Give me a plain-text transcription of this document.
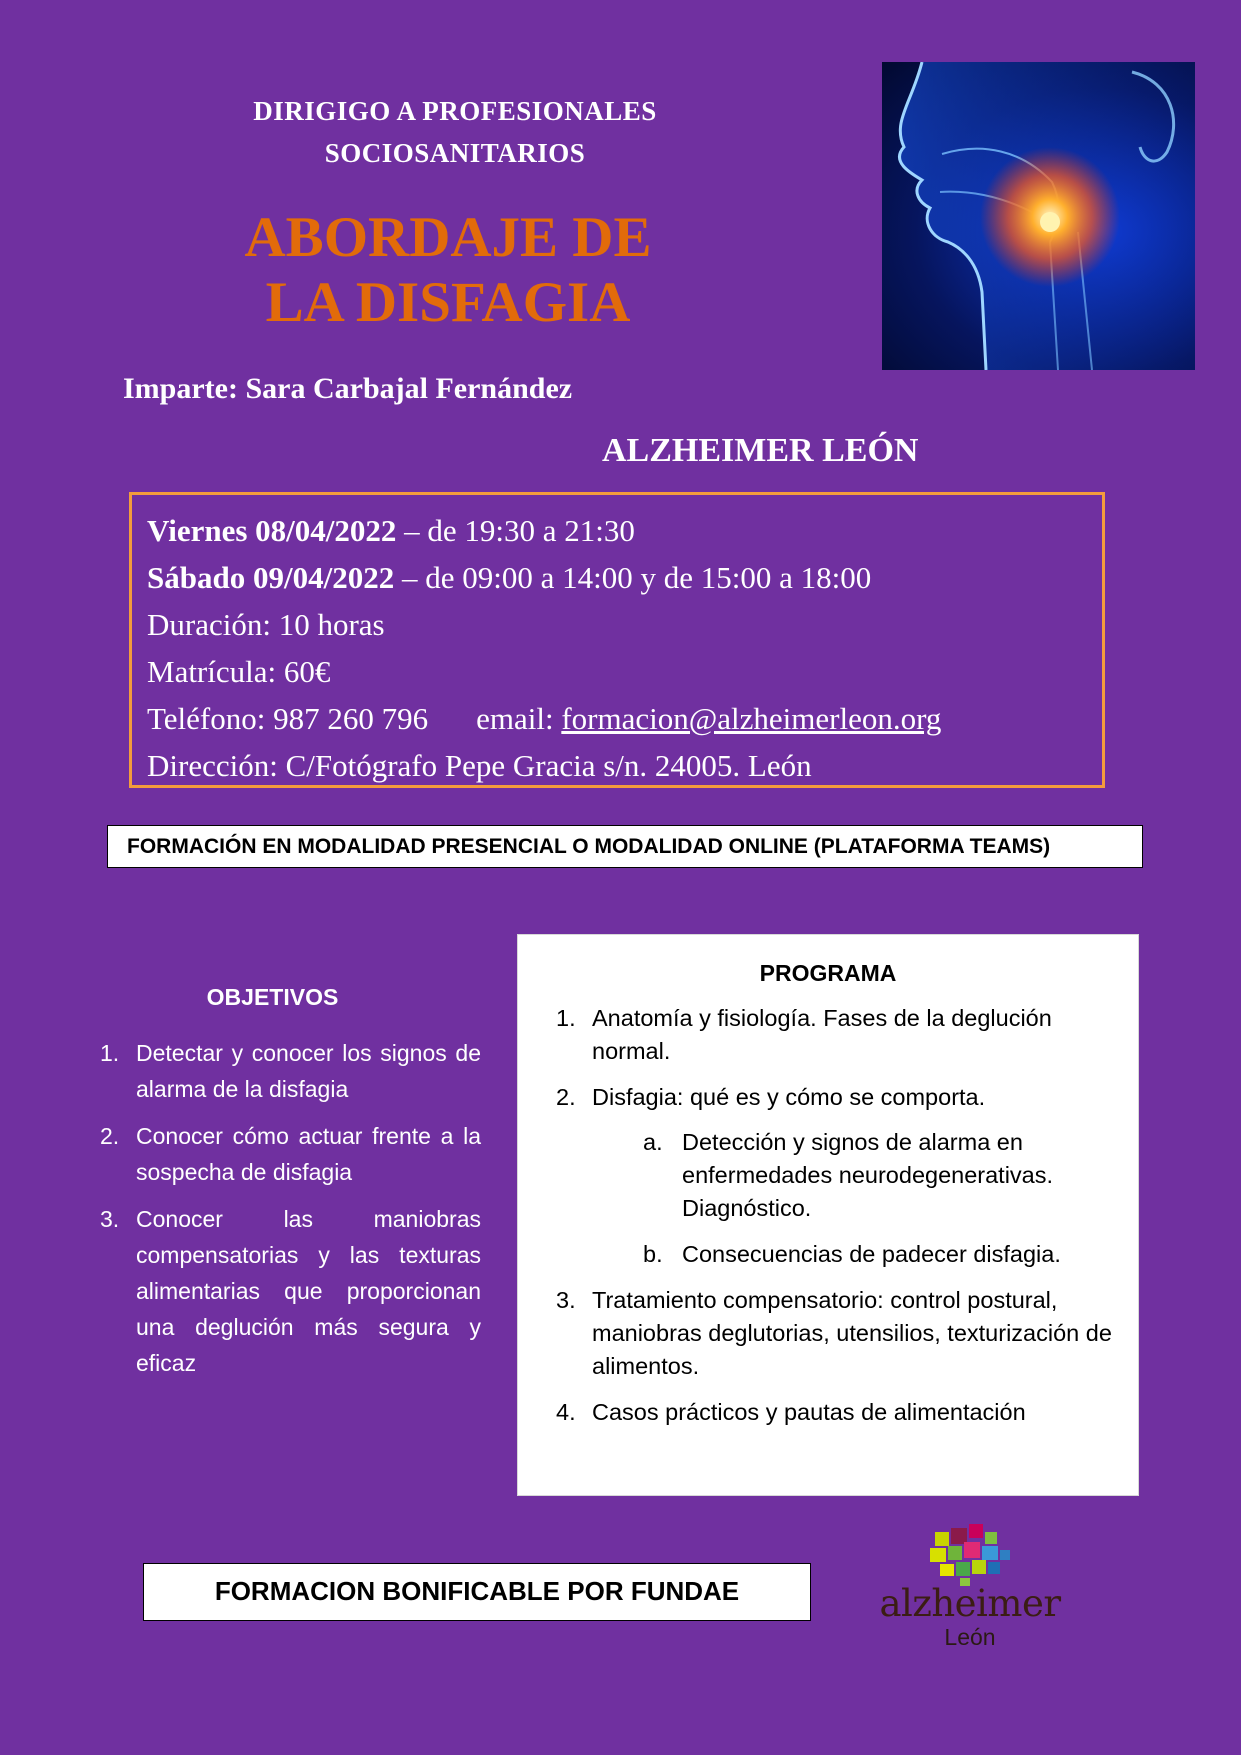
DIRIGIGO A PROFESIONALES
SOCIOSANITARIOS
ABORDAJE DE
LA DISFAGIA
Imparte: Sara Carbajal Fernández
ALZHEIMER LEÓN
Viernes 08/04/2022 – de 19:30 a 21:30
Sábado 09/04/2022 – de 09:00 a 14:00 y de 15:00 a 18:00
Duración: 10 horas
Matrícula: 60€
Teléfono: 987 260 796 email: formacion@alzheimerleon.org
Dirección: C/Fotógrafo Pepe Gracia s/n. 24005. León
FORMACIÓN EN MODALIDAD PRESENCIAL O MODALIDAD ONLINE (PLATAFORMA TEAMS)
OBJETIVOS
1. Detectar y conocer los signos de alarma de la disfagia
2. Conocer cómo actuar frente a la sospecha de disfagia
3. Conocer las maniobras compensatorias y las texturas alimentarias que proporcionan una deglución más segura y eficaz
PROGRAMA
1. Anatomía y fisiología. Fases de la deglución normal.
2. Disfagia: qué es y cómo se comporta.
a. Detección y signos de alarma en enfermedades neurodegenerativas. Diagnóstico.
b. Consecuencias de padecer disfagia.
3. Tratamiento compensatorio: control postural, maniobras deglutorias, utensilios, texturización de alimentos.
4. Casos prácticos y pautas de alimentación
FORMACION BONIFICABLE POR FUNDAE	alzheimer
León
